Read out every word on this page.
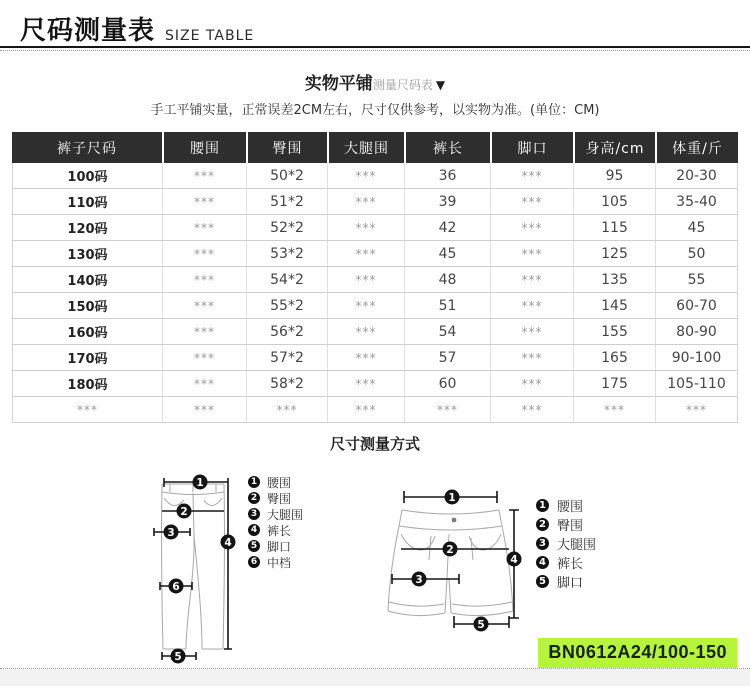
尺码测量表 SIZE TABLE
实物平铺测量尺码表 ▼
手工平铺实量，正常误差2CM左右，尺寸仅供参考，以实物为准。(单位：CM)
裤子尺码	腰围	臀围	大腿围	裤长	脚口	身高/cm	体重/斤
100码	***	50*2	***	36	***	95	20-30
110码	***	51*2	***	39	***	105	35-40
120码	***	52*2	***	42	***	115	45
130码	***	53*2	***	45	***	125	50
140码	***	54*2	***	48	***	135	55
150码	***	55*2	***	51	***	145	60-70
160码	***	56*2	***	54	***	155	80-90
170码	***	57*2	***	57	***	165	90-100
180码	***	58*2	***	60	***	175	105-110
***	***	***	***	***	***	***	***
尺寸测量方式
1
2
3
4
6
5
1 腰围
2 臀围
3 大腿围
4 裤长
5 脚口
6 中档
1
2
3
4
5
1 腰围
2 臀围
3 大腿围
4 裤长
5 脚口
BN0612A24/100-150
